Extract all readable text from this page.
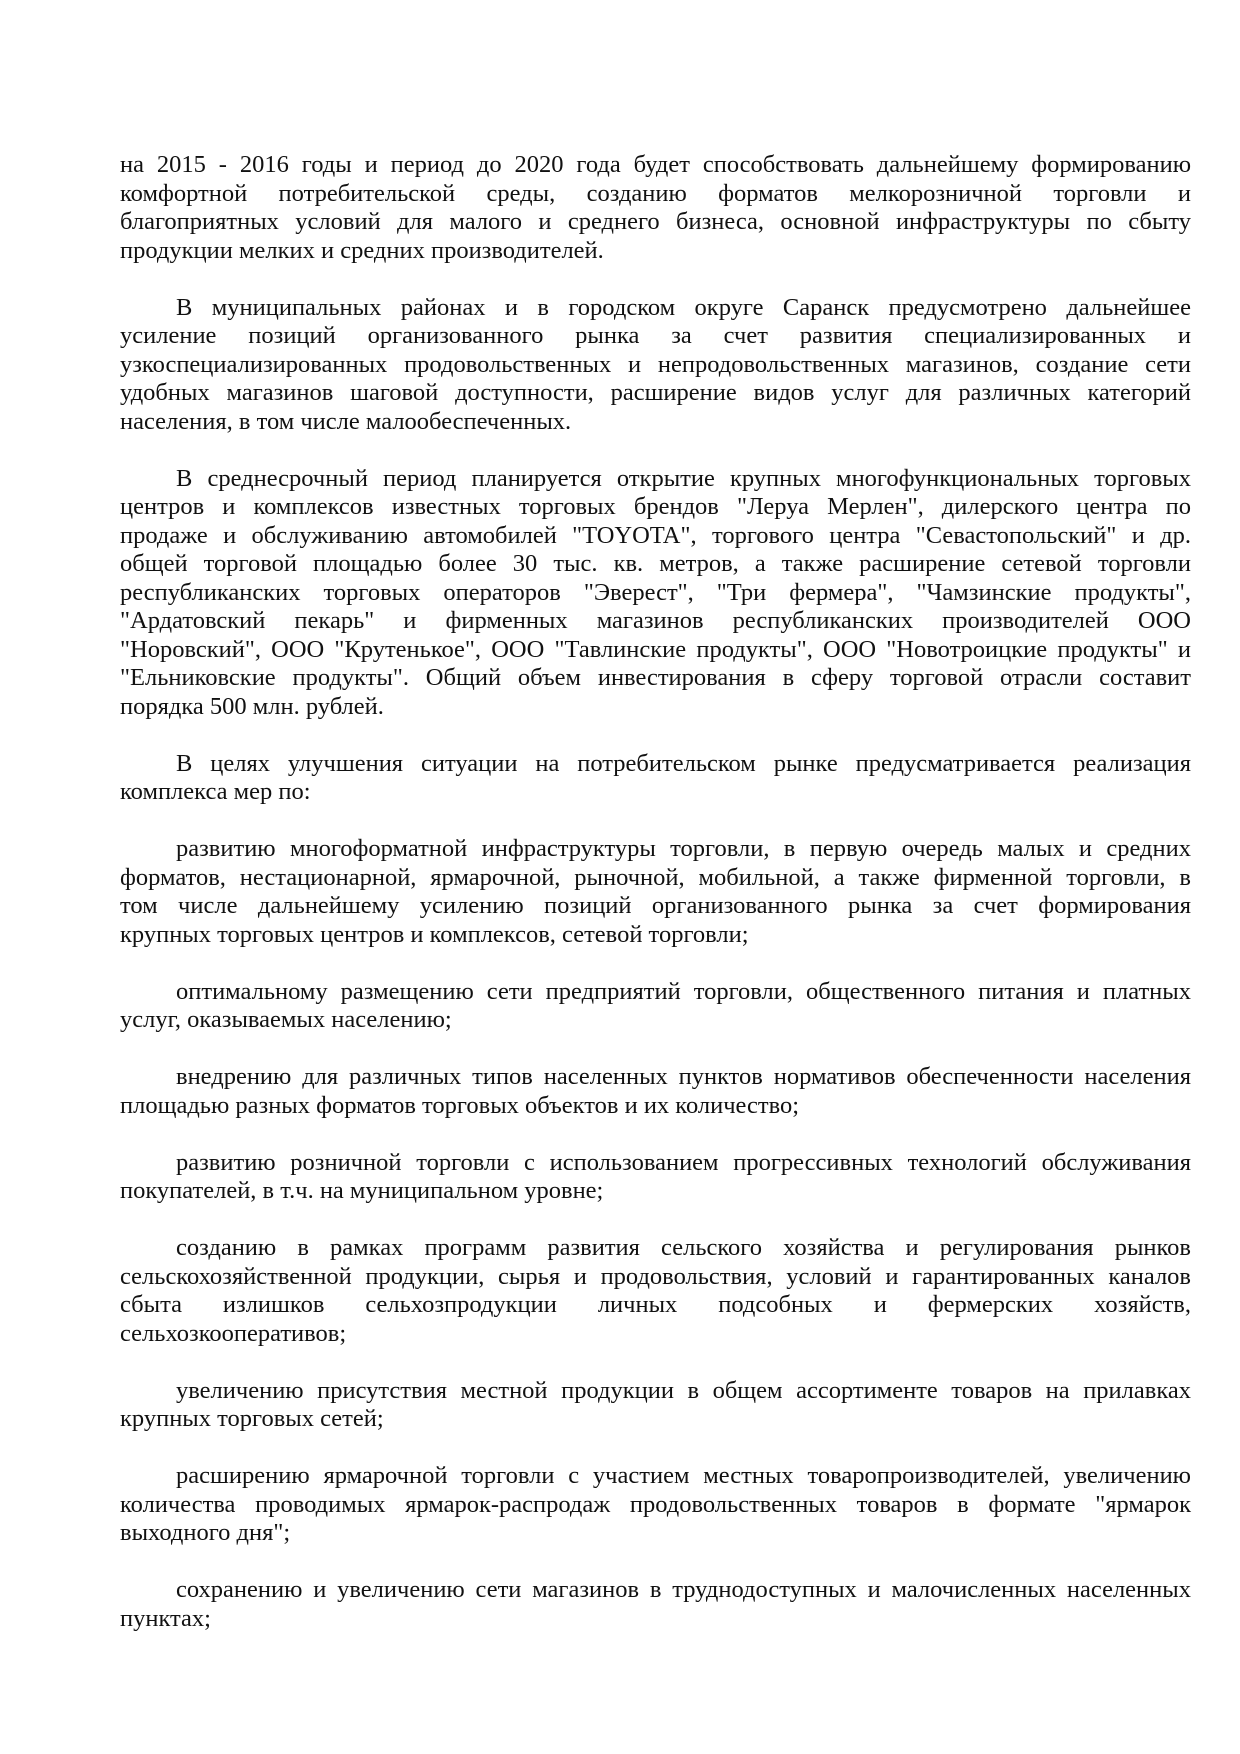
на 2015 - 2016 годы и период до 2020 года будет способствовать дальнейшему формированию
комфортной потребительской среды, созданию форматов мелкорозничной торговли и
благоприятных условий для малого и среднего бизнеса, основной инфраструктуры по сбыту
продукции мелких и средних производителей.
В муниципальных районах и в городском округе Саранск предусмотрено дальнейшее
усиление позиций организованного рынка за счет развития специализированных и
узкоспециализированных продовольственных и непродовольственных магазинов, создание сети
удобных магазинов шаговой доступности, расширение видов услуг для различных категорий
населения, в том числе малообеспеченных.
В среднесрочный период планируется открытие крупных многофункциональных торговых
центров и комплексов известных торговых брендов "Леруа Мерлен", дилерского центра по
продаже и обслуживанию автомобилей "TOYOTA", торгового центра "Севастопольский" и др.
общей торговой площадью более 30 тыс. кв. метров, а также расширение сетевой торговли
республиканских торговых операторов "Эверест", "Три фермера", "Чамзинские продукты",
"Ардатовский пекарь" и фирменных магазинов республиканских производителей ООО
"Норовский", ООО "Крутенькое", ООО "Тавлинские продукты", ООО "Новотроицкие продукты" и
"Ельниковские продукты". Общий объем инвестирования в сферу торговой отрасли составит
порядка 500 млн. рублей.
В целях улучшения ситуации на потребительском рынке предусматривается реализация
комплекса мер по:
развитию многоформатной инфраструктуры торговли, в первую очередь малых и средних
форматов, нестационарной, ярмарочной, рыночной, мобильной, а также фирменной торговли, в
том числе дальнейшему усилению позиций организованного рынка за счет формирования
крупных торговых центров и комплексов, сетевой торговли;
оптимальному размещению сети предприятий торговли, общественного питания и платных
услуг, оказываемых населению;
внедрению для различных типов населенных пунктов нормативов обеспеченности населения
площадью разных форматов торговых объектов и их количество;
развитию розничной торговли с использованием прогрессивных технологий обслуживания
покупателей, в т.ч. на муниципальном уровне;
созданию в рамках программ развития сельского хозяйства и регулирования рынков
сельскохозяйственной продукции, сырья и продовольствия, условий и гарантированных каналов
сбыта излишков сельхозпродукции личных подсобных и фермерских хозяйств,
сельхозкооперативов;
увеличению присутствия местной продукции в общем ассортименте товаров на прилавках
крупных торговых сетей;
расширению ярмарочной торговли с участием местных товаропроизводителей, увеличению
количества проводимых ярмарок-распродаж продовольственных товаров в формате "ярмарок
выходного дня";
сохранению и увеличению сети магазинов в труднодоступных и малочисленных населенных
пунктах;
